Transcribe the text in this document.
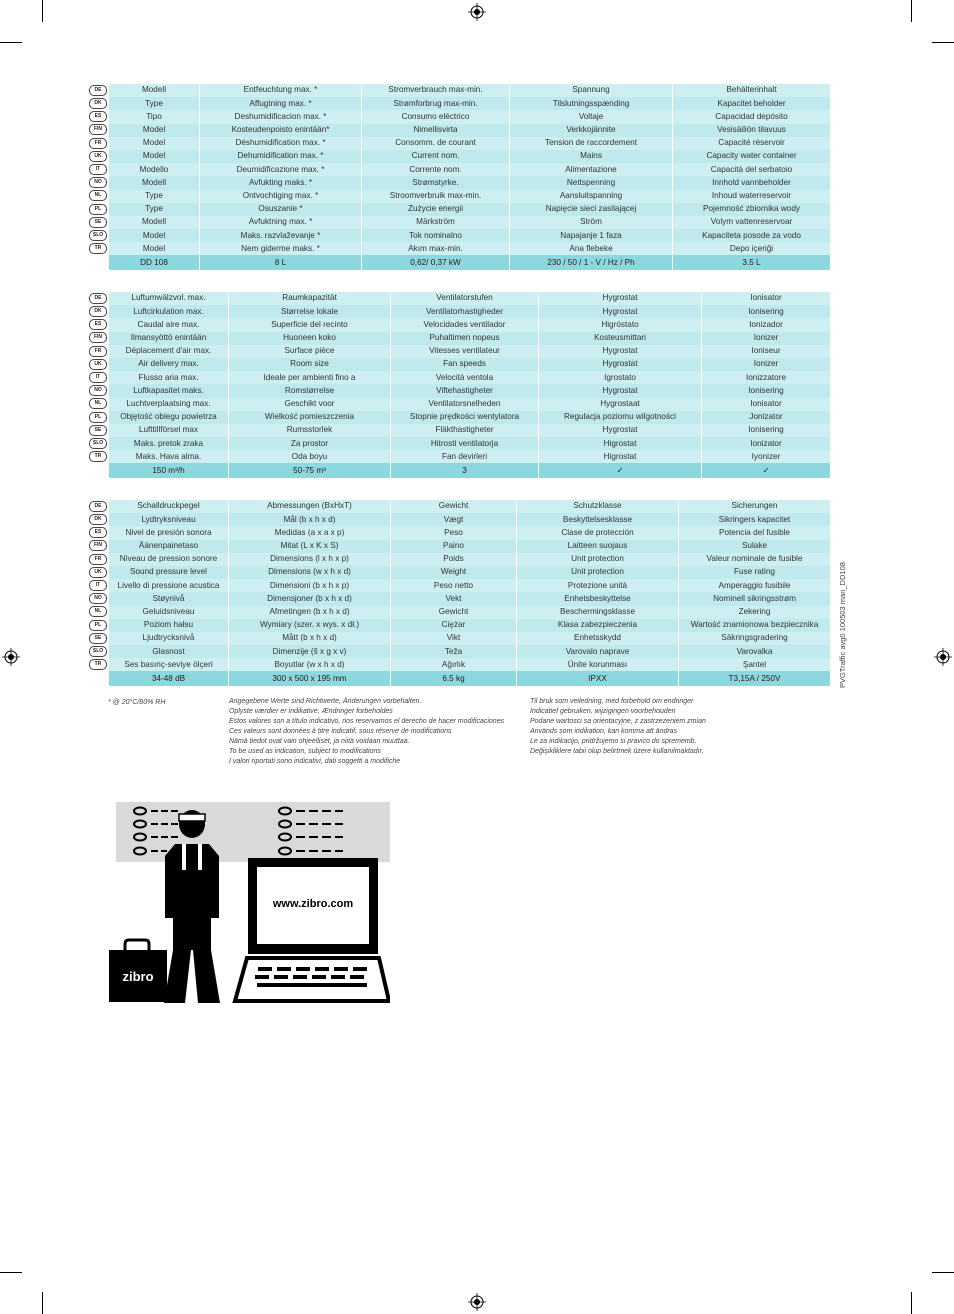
DE	Modell	Entfeuchtung max. *	Stromverbrauch max-min.	Spannung	Behälterinhalt
DK	Type	Affugtning max. *	Strømforbrug max-min.	Tilslutningsspænding	Kapacitet beholder
ES	Tipo	Deshumidificacion max. *	Consumo eléctrico	Voltaje	Capacidad depósito
FIN	Model	Kosteudenpoisto enintään*	Nimellisvirta	Verkkojännite	Vesisäiliön tilavuus
FR	Model	Déshumidification max. *	Consomm. de courant	Tension de raccordement	Capacité réservoir
UK	Model	Dehumidification max. *	Current nom.	Mains	Capacity water container
IT	Modello	Deumidificazione max. *	Corrente nom.	Alimentazione	Capacità del serbatoio
NO	Modell	Avfukting maks. *	Strømstyrke.	Nettspenning	Innhold vannbeholder
NL	Type	Ontvochtiging max. *	Stroomverbruik max-min.	Aansluitspanning	Inhoud waterreservoir
PL	Type	Osuszanie *	Zużycie energii	Napięcie sieci zasilającej	Pojemność zbiornika wody
SE	Modell	Avfuktning max. *	Märkström	Ström	Volym vattenreservoar
SLO	Model	Maks. razvlaževanje *	Tok nominalno	Napajanje 1 faza	Kapaciteta posode za vodo
TR	Model	Nem giderme maks. *	Akım max-min.	Ana flebeke	Depo içeriği
	DD 108	8 L	0,62/ 0,37 kW	230 / 50 / 1 - V / Hz / Ph	3.5 L
DE	Luftumwälzvol. max.	Raumkapazität	Ventilatorstufen	Hygrostat	Ionisator
DK	Luftcirkulation max.	Størrelse lokale	Ventilatorhastigheder	Hygrostat	Ionisering
ES	Caudal aire max.	Superficie del recinto	Velocidades ventilador	Higróstato	Ionizador
FIN	Ilmansyöttö enintään	Huoneen koko	Puhaltimen nopeus	Kosteusmittari	Ionizer
FR	Déplacement d'air max.	Surface pièce	Vitesses ventilateur	Hygrostat	Ioniseur
UK	Air delivery max.	Room size	Fan speeds	Hygrostat	Ionizer
IT	Flusso aria max.	Ideale per ambienti fino a	Velocità ventola	Igrostato	Ionizzatore
NO	Luftkapasitet maks.	Romstørrelse	Viftehastigheter	Hygrostat	Ionisering
NL	Luchtverplaatsing max.	Geschikt voor	Ventilatorsnelheden	Hygrostaat	Ionisator
PL	Objętość obiegu powietrza	Wielkość pomieszczenia	Stopnie prędkości wentylatora	Regulacja poziomu wilgotności	Jonizator
SE	Lufttillförsel max	Rumsstorlek	Fläkthastigheter	Hygrostat	Ionisering
SLO	Maks. pretok zraka	Za prostor	Hitrosti ventilatorja	Higrostat	Ionizator
TR	Maks. Hava alma.	Oda boyu	Fan devirleri	Higrostat	Iyonizer
	150 m³/h	50-75 m³	3	✓	✓
DE	Schalldruckpegel	Abmessungen (BxHxT)	Gewicht	Schutzklasse	Sicherungen
DK	Lydtryksniveau	Mål (b x h x d)	Vægt	Beskyttelsesklasse	Sikringers kapacitet
ES	Nivel de presión sonora	Medidas (a x a x p)	Peso	Clase de protección	Potencia del fusible
FIN	Äänenpainetaso	Mitat (L x K x S)	Paino	Laitteen suojaus	Sulake
FR	Niveau de pression sonore	Dimensions (l x h x p)	Poids	Unit protection	Valeur nominale de fusible
UK	Sound pressure level	Dimensions (w x h x d)	Weight	Unit protection	Fuse rating
IT	Livello di pressione acustica	Dimensioni (b x h x p)	Peso netto	Protezione unità	Amperaggio fusibile
NO	Støynivå	Dimensjoner (b x h x d)	Vekt	Enhetsbeskyttelse	Nominell sikringsstrøm
NL	Geluidsniveau	Afmetingen (b x h x d)	Gewicht	Beschermingsklasse	Zekering
PL	Poziom hałsu	Wymiary (szer. x wys. x dł.)	Ciężar	Klasa zabezpieczenia	Wartość znamionowa bezpiecznika
SE	Ljudtrycksnivå	Mått (b x h x d)	Vikt	Enhetsskydd	Säkringsgradering
SLO	Glasnost	Dimenzije (š x g x v)	Teža	Varovalo naprave	Varovalka
TR	Ses basınç-seviye ölçeri	Boyutlar (w x h x d)	Ağırlık	Ünite korunması	Şantel
	34-48 dB	300 x 500 x 195 mm	6.5 kg	IPXX	T3,15A / 250V	PVGTraffic avg0 100503 man_DD108
* @ 20°C/80% RH	Angegebene Werte sind Richtwerte, Änderungen vorbehalten.
Oplyste værdier er indikative, Ændringer forbeholdes
Estos valores son a título indicativo, nos reservamos el derecho de hacer modificaciones
Ces valeurs sont données à titre indicatif, sous réserve de modifications
Nämä tiedot ovat vain ohjeelliset, ja niitä voidaan muuttaa.
To be used as indication, subject to modifications
I valori riportati sono indicativi, dati soggetti a modifiche
Til bruk som veiledning, med forbehold om endringer
Indicatief gebruiken, wijzigingen voorbehouden
Podane wartosci sa orientacyjne, z zastrzezeniem zmian
Används som indikation, kan komma att ändras
Le za indikacijo, pridržujemo si pravico do sprememb.
Değişikliklere tabii olup belirtmek üzere kullanılmaktadır.
zibro
www.zibro.com
